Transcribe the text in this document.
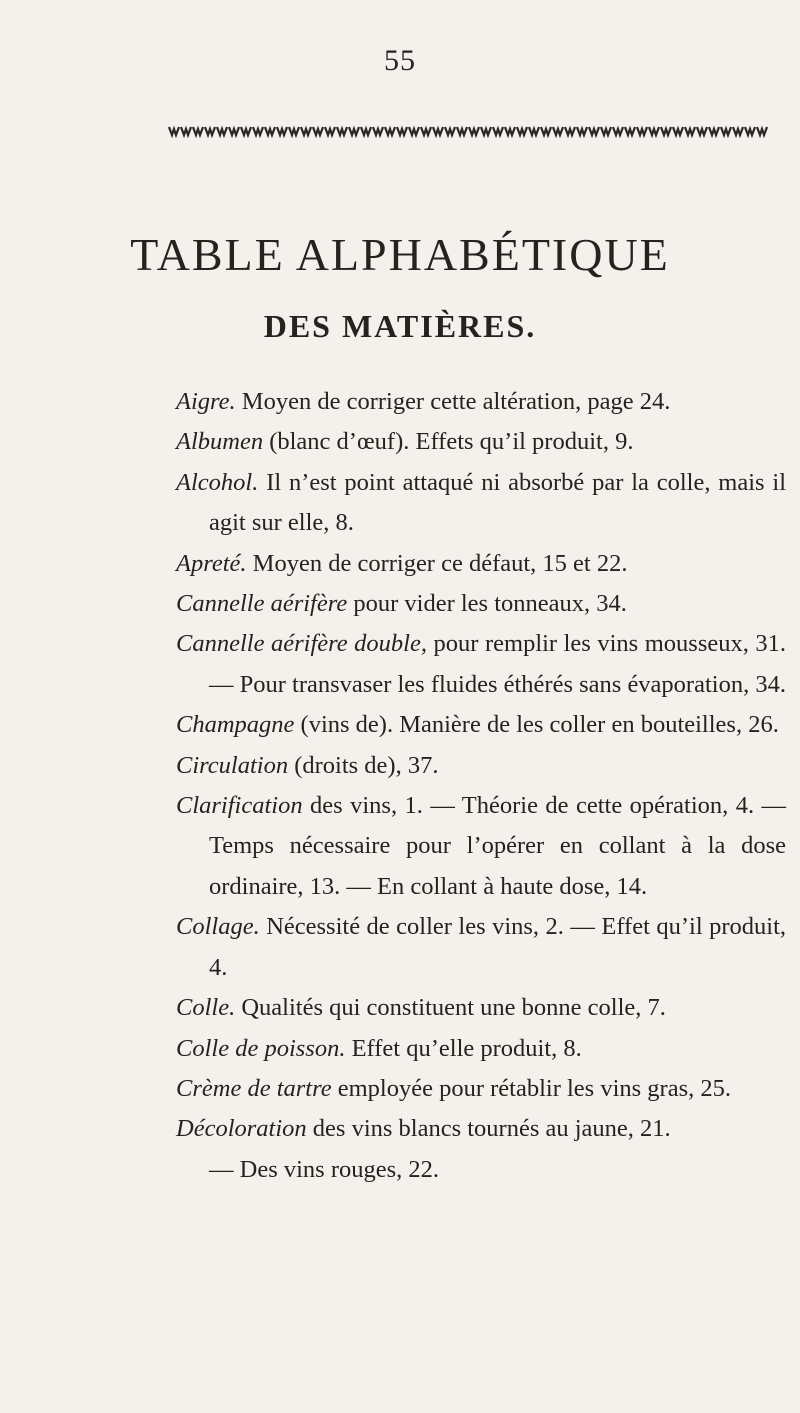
55
TABLE ALPHABÉTIQUE
DES MATIÈRES.
Aigre. Moyen de corriger cette altération, page 24.
Albumen (blanc d’œuf). Effets qu’il produit, 9.
Alcohol. Il n’est point attaqué ni absorbé par la colle, mais il agit sur elle, 8.
Apreté. Moyen de corriger ce défaut, 15 et 22.
Cannelle aérifère pour vider les tonneaux, 34.
Cannelle aérifère double, pour remplir les vins mousseux, 31. — Pour transvaser les fluides éthérés sans évaporation, 34.
Champagne (vins de). Manière de les coller en bouteilles, 26.
Circulation (droits de), 37.
Clarification des vins, 1. — Théorie de cette opération, 4. — Temps nécessaire pour l’opérer en collant à la dose ordinaire, 13. — En collant à haute dose, 14.
Collage. Nécessité de coller les vins, 2. — Effet qu’il produit, 4.
Colle. Qualités qui constituent une bonne colle, 7.
Colle de poisson. Effet qu’elle produit, 8.
Crème de tartre employée pour rétablir les vins gras, 25.
Décoloration des vins blancs tournés au jaune, 21.
— Des vins rouges, 22.
